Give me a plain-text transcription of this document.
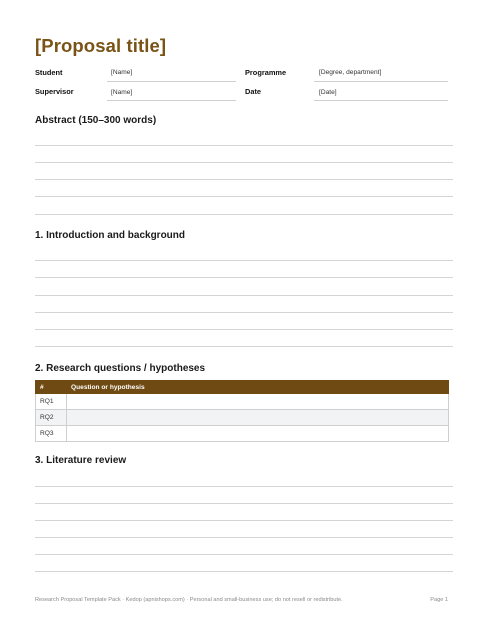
[Proposal title]
Student	[Name]	Programme	[Degree, department]
Supervisor	[Name]	Date	[Date]
Abstract (150–300 words)
1. Introduction and background
2. Research questions / hypotheses
#	Question or hypothesis
RQ1	
RQ2	
RQ3	
3. Literature review
Research Proposal Template Pack · Kedop (apnishops.com) · Personal and small-business use; do not resell or redistribute.	Page 1
